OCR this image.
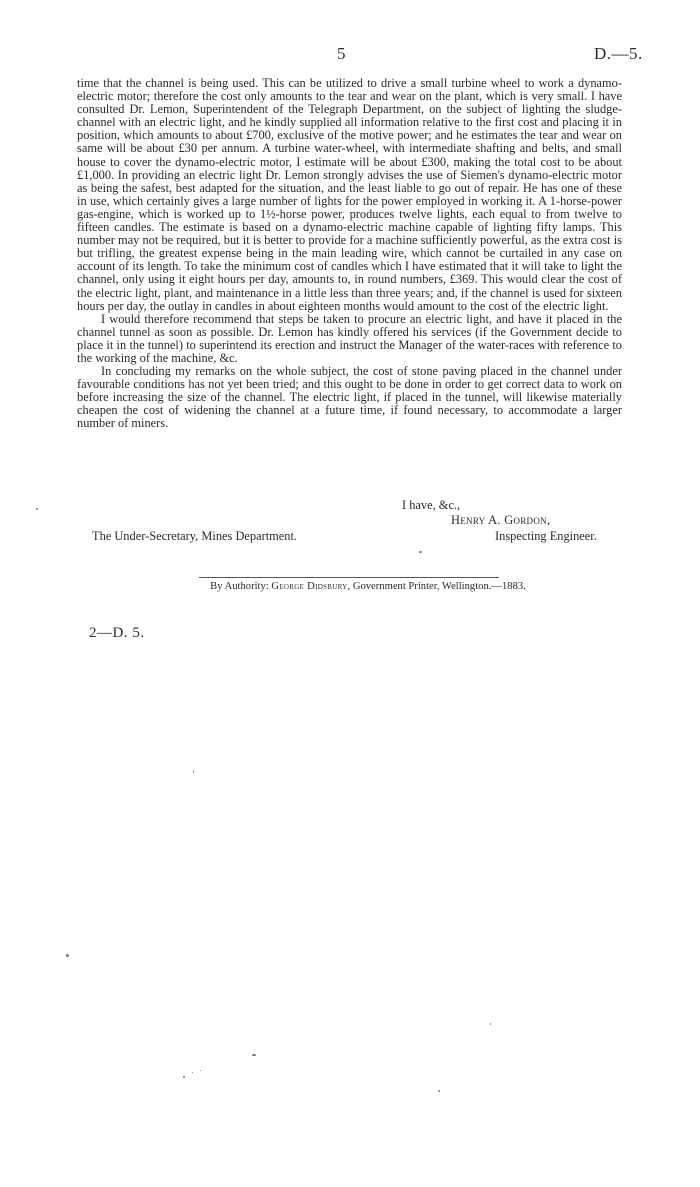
5	D.—5.

time that the channel is being used. This can be utilized to drive a small turbine wheel to work a dynamo-electric motor; therefore the cost only amounts to the tear and wear on the plant, which is very small. I have consulted Dr. Lemon, Superintendent of the Telegraph Department, on the subject of lighting the sludge-channel with an electric light, and he kindly supplied all information relative to the first cost and placing it in position, which amounts to about £700, exclusive of the motive power; and he estimates the tear and wear on same will be about £30 per annum. A turbine water-wheel, with intermediate shafting and belts, and small house to cover the dynamo-electric motor, I estimate will be about £300, making the total cost to be about £1,000. In providing an electric light Dr. Lemon strongly advises the use of Siemen's dynamo-electric motor as being the safest, best adapted for the situation, and the least liable to go out of repair. He has one of these in use, which certainly gives a large number of lights for the power employed in working it. A 1-horse-power gas-engine, which is worked up to 1½-horse power, produces twelve lights, each equal to from twelve to fifteen candles. The estimate is based on a dynamo-electric machine capable of lighting fifty lamps. This number may not be required, but it is better to provide for a machine sufficiently powerful, as the extra cost is but trifling, the greatest expense being in the main leading wire, which cannot be curtailed in any case on account of its length. To take the minimum cost of candles which I have estimated that it will take to light the channel, only using it eight hours per day, amounts to, in round numbers, £369. This would clear the cost of the electric light, plant, and maintenance in a little less than three years; and, if the channel is used for sixteen hours per day, the outlay in candles in about eighteen months would amount to the cost of the electric light.

I would therefore recommend that steps be taken to procure an electric light, and have it placed in the channel tunnel as soon as possible. Dr. Lemon has kindly offered his services (if the Government decide to place it in the tunnel) to superintend its erection and instruct the Manager of the water-races with reference to the working of the machine, &c.

In concluding my remarks on the whole subject, the cost of stone paving placed in the channel under favourable conditions has not yet been tried; and this ought to be done in order to get correct data to work on before increasing the size of the channel. The electric light, if placed in the tunnel, will likewise materially cheapen the cost of widening the channel at a future time, if found necessary, to accommodate a larger number of miners.

I have, &c.,
Henry A. Gordon,
The Under-Secretary, Mines Department.	Inspecting Engineer.
By Authority: George Didsbury, Government Printer, Wellington.—1883.
2—D. 5.
